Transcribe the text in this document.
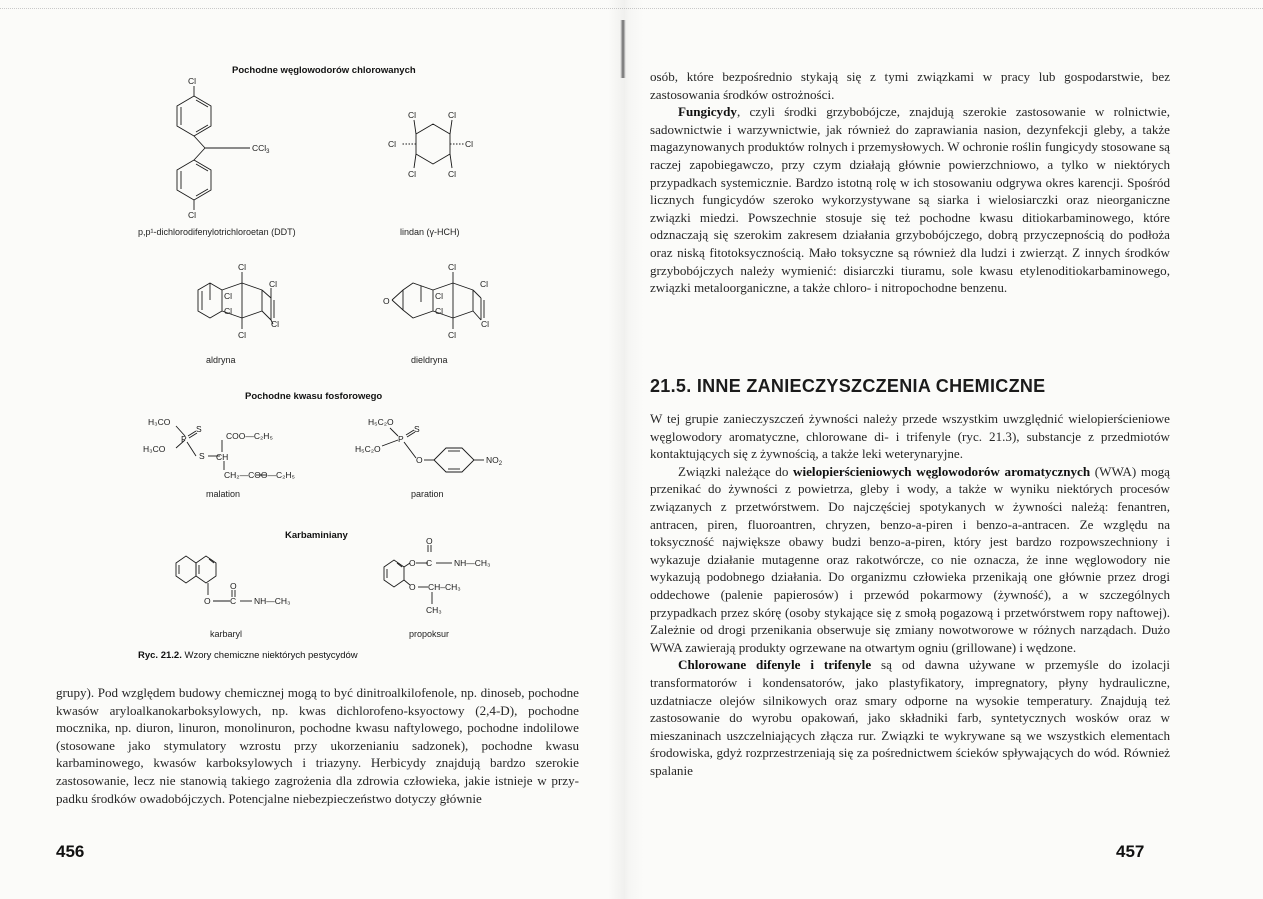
Pochodne węglowodorów chlorowanych
Pochodne kwasu fosforowego
Karbaminiany
Cl
CCl$_3$
Cl
Cl	Cl
Cl	Cl
Cl	Cl
Cl
Cl
Cl
Cl
Cl
Cl
Cl
O	Cl
Cl
Cl
Cl
Cl
H₃CO
S
P
H₃CO
COO—C₂H₅
S CH
CH₂—COO—C₂H₅
H₅C₂O
S
P
H₅C₂O
O	$NO_2$
O
O
C NH—CH₃
O
O C	NH—CH₃
O CH–CH₃
CH₃
p,p¹-dichlorodifenylotrichloroetan (DDT)	lindan (γ-HCH)
aldryna	dieldryna
malation	paration
karbaryl	propoksur
Ryc. 21.2. Wzory chemiczne niektórych pestycydów

grupy). Pod względem budowy chemicznej mogą to być dinitroalkilofenole, np. dinoseb, pochodne kwasów aryloalkanokarboksylowych, np. kwas dichlorofeno-ksyoctowy (2,4-D), pochodne mocznika, np. diuron, linuron, monolinuron, pochodne kwasu naftylowego, pochodne indolilowe (stosowane jako stymulatory wzrostu przy ukorzenianiu sadzonek), pochodne kwasu karbaminowego, kwasów karboksylowych i triazyny. Herbicydy znajdują bardzo szerokie zastosowanie, lecz nie stanowią takiego zagrożenia dla zdrowia człowieka, jakie istnieje w przy-padku środków owadobójczych. Potencjalne niebezpieczeństwo dotyczy głównie

456

osób, które bezpośrednio stykają się z tymi związkami w pracy lub gospodarstwie, bez zastosowania środków ostrożności.

Fungicydy, czyli środki grzybobójcze, znajdują szerokie zastosowanie w rolnictwie, sadownictwie i warzywnictwie, jak również do zaprawiania nasion, dezynfekcji gleby, a także magazynowanych produktów rolnych i przemysłowych. W ochronie roślin fungicydy stosowane są raczej zapobiegawczo, przy czym działają głównie powierzchniowo, a tylko w niektórych przypadkach systemicznie. Bardzo istotną rolę w ich stosowaniu odgrywa okres karencji. Spośród licznych fungicydów szeroko wykorzystywane są siarka i wielosiarczki oraz nieorganiczne związki miedzi. Powszechnie stosuje się też pochodne kwasu ditiokarbaminowego, które odznaczają się szerokim zakresem działania grzybobójczego, dobrą przyczepnością do podłoża oraz niską fitotoksycznością. Mało toksyczne są również dla ludzi i zwierząt. Z innych środków grzybobójczych należy wymienić: disiarczki tiuramu, sole kwasu etylenoditiokarbaminowego, związki metaloorganiczne, a także chloro- i nitropochodne benzenu.

21.5. INNE ZANIECZYSZCZENIA CHEMICZNE

W tej grupie zanieczyszczeń żywności należy przede wszystkim uwzględnić wielopierścieniowe węglowodory aromatyczne, chlorowane di- i trifenyle (ryc. 21.3), substancje z przedmiotów kontaktujących się z żywnością, a także leki weterynaryjne.

Związki należące do wielopierścieniowych węglowodorów aromatycznych (WWA) mogą przenikać do żywności z powietrza, gleby i wody, a także w wyniku niektórych procesów związanych z przetwórstwem. Do najczęściej spotykanych w żywności należą: fenantren, antracen, piren, fluoroantren, chryzen, benzo-a-piren i benzo-a-antracen. Ze względu na toksyczność największe obawy budzi benzo-a-piren, który jest bardzo rozpowszechniony i wykazuje działanie mutagenne oraz rakotwórcze, co nie oznacza, że inne węglowodory nie wykazują podobnego działania. Do organizmu człowieka przenikają one głównie przez drogi oddechowe (palenie papierosów) i przewód pokarmowy (żywność), a w szczególnych przypadkach przez skórę (osoby stykające się z smołą pogazową i przetwórstwem ropy naftowej). Zależnie od drogi przenikania obserwuje się zmiany nowotworowe w różnych narządach. Dużo WWA zawierają produkty ogrzewane na otwartym ogniu (grillowane) i wędzone.

Chlorowane difenyle i trifenyle są od dawna używane w przemyśle do izolacji transformatorów i kondensatorów, jako plastyfikatory, impregnatory, płyny hydrauliczne, uzdatniacze olejów silnikowych oraz smary odporne na wysokie temperatury. Znajdują też zastosowanie do wyrobu opakowań, jako składniki farb, syntetycznych wosków oraz w mieszaninach uszczelniających złącza rur. Związki te wykrywane są we wszystkich elementach środowiska, gdyż rozprzestrzeniają się za pośrednictwem ścieków spływających do wód. Również spalanie

457
